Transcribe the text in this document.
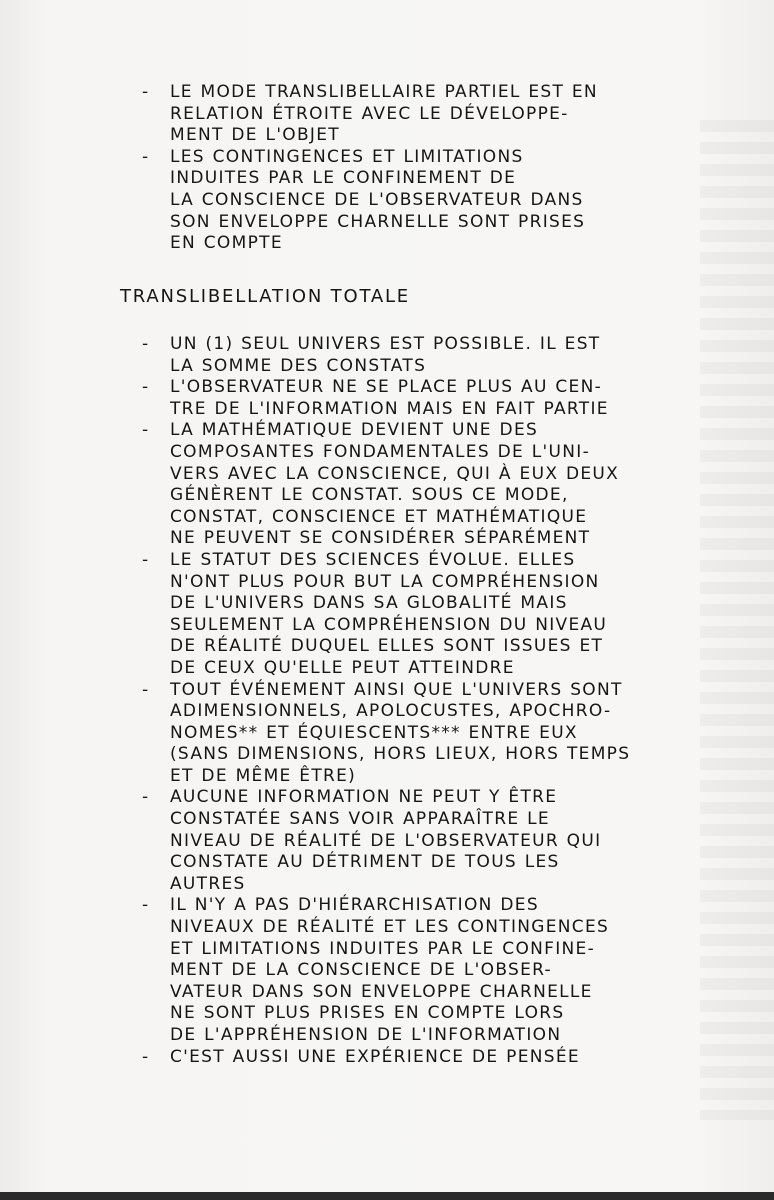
- LE MODE TRANSLIBELLAIRE PARTIEL EST EN
RELATION ÉTROITE AVEC LE DÉVELOPPE-
MENT DE L'OBJET
- LES CONTINGENCES ET LIMITATIONS
INDUITES PAR LE CONFINEMENT DE
LA CONSCIENCE DE L'OBSERVATEUR DANS
SON ENVELOPPE CHARNELLE SONT PRISES
EN COMPTE
TRANSLIBELLATION TOTALE
- UN (1) SEUL UNIVERS EST POSSIBLE. IL EST
LA SOMME DES CONSTATS
- L'OBSERVATEUR NE SE PLACE PLUS AU CEN-
TRE DE L'INFORMATION MAIS EN FAIT PARTIE
- LA MATHÉMATIQUE DEVIENT UNE DES
COMPOSANTES FONDAMENTALES DE L'UNI-
VERS AVEC LA CONSCIENCE, QUI À EUX DEUX
GÉNÈRENT LE CONSTAT. SOUS CE MODE,
CONSTAT, CONSCIENCE ET MATHÉMATIQUE
NE PEUVENT SE CONSIDÉRER SÉPARÉMENT
- LE STATUT DES SCIENCES ÉVOLUE. ELLES
N'ONT PLUS POUR BUT LA COMPRÉHENSION
DE L'UNIVERS DANS SA GLOBALITÉ MAIS
SEULEMENT LA COMPRÉHENSION DU NIVEAU
DE RÉALITÉ DUQUEL ELLES SONT ISSUES ET
DE CEUX QU'ELLE PEUT ATTEINDRE
- TOUT ÉVÉNEMENT AINSI QUE L'UNIVERS SONT
ADIMENSIONNELS, APOLOCUSTES, APOCHRO-
NOMES** ET ÉQUIESCENTS*** ENTRE EUX
(SANS DIMENSIONS, HORS LIEUX, HORS TEMPS
ET DE MÊME ÊTRE)
- AUCUNE INFORMATION NE PEUT Y ÊTRE
CONSTATÉE SANS VOIR APPARAÎTRE LE
NIVEAU DE RÉALITÉ DE L'OBSERVATEUR QUI
CONSTATE AU DÉTRIMENT DE TOUS LES
AUTRES
- IL N'Y A PAS D'HIÉRARCHISATION DES
NIVEAUX DE RÉALITÉ ET LES CONTINGENCES
ET LIMITATIONS INDUITES PAR LE CONFINE-
MENT DE LA CONSCIENCE DE L'OBSER-
VATEUR DANS SON ENVELOPPE CHARNELLE
NE SONT PLUS PRISES EN COMPTE LORS
DE L'APPRÉHENSION DE L'INFORMATION
- C'EST AUSSI UNE EXPÉRIENCE DE PENSÉE
